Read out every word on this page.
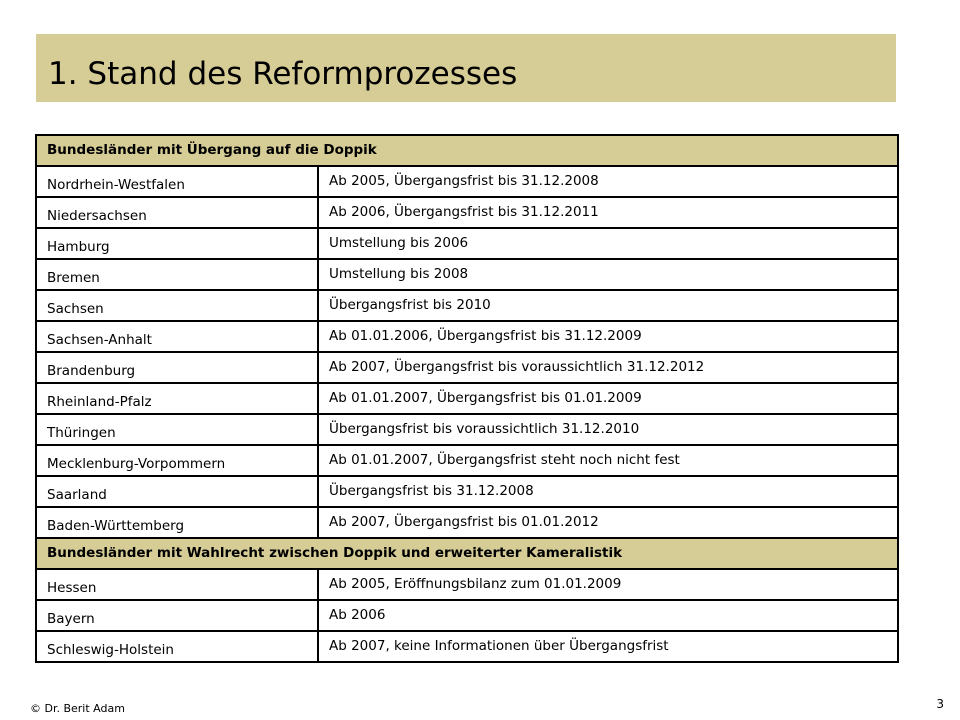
1. Stand des Reformprozesses
Bundesländer mit Übergang auf die Doppik	
Nordrhein-Westfalen	Ab 2005, Übergangsfrist bis 31.12.2008
Niedersachsen	Ab 2006, Übergangsfrist bis 31.12.2011
Hamburg	Umstellung bis 2006
Bremen	Umstellung bis 2008
Sachsen	Übergangsfrist bis 2010
Sachsen-Anhalt	Ab 01.01.2006, Übergangsfrist bis 31.12.2009
Brandenburg	Ab 2007, Übergangsfrist bis voraussichtlich 31.12.2012
Rheinland-Pfalz	Ab 01.01.2007, Übergangsfrist bis 01.01.2009
Thüringen	Übergangsfrist bis voraussichtlich 31.12.2010
Mecklenburg-Vorpommern	Ab 01.01.2007, Übergangsfrist steht noch nicht fest
Saarland	Übergangsfrist bis 31.12.2008
Baden-Württemberg	Ab 2007, Übergangsfrist bis 01.01.2012
Bundesländer mit Wahlrecht zwischen Doppik und erweiterter Kameralistik	
Hessen	Ab 2005, Eröffnungsbilanz zum 01.01.2009
Bayern	Ab 2006
Schleswig-Holstein	Ab 2007, keine Informationen über Übergangsfrist
© Dr. Berit Adam	3
